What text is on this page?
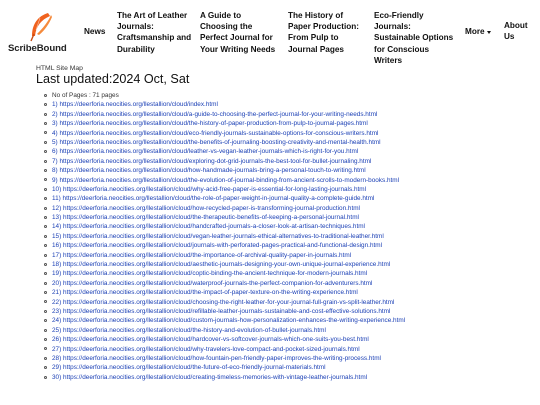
ScribeBound
News
The Art of Leather Journals: Craftsmanship and Durability
A Guide to Choosing the Perfect Journal for Your Writing Needs
The History of Paper Production: From Pulp to Journal Pages
Eco-Friendly Journals: Sustainable Options for Conscious Writers
More
About Us
HTML Site Map
Last updated:2024 Oct, Sat
No of Pages : 71 pages
1) https://deerforia.neocities.org/llestallion/cloud/index.html
2) https://deerforia.neocities.org/llestallion/cloud/a-guide-to-choosing-the-perfect-journal-for-your-writing-needs.html
3) https://deerforia.neocities.org/llestallion/cloud/the-history-of-paper-production-from-pulp-to-journal-pages.html
4) https://deerforia.neocities.org/llestallion/cloud/eco-friendly-journals-sustainable-options-for-conscious-writers.html
5) https://deerforia.neocities.org/llestallion/cloud/the-benefits-of-journaling-boosting-creativity-and-mental-health.html
6) https://deerforia.neocities.org/llestallion/cloud/leather-vs-vegan-leather-journals-which-is-right-for-you.html
7) https://deerforia.neocities.org/llestallion/cloud/exploring-dot-grid-journals-the-best-tool-for-bullet-journaling.html
8) https://deerforia.neocities.org/llestallion/cloud/how-handmade-journals-bring-a-personal-touch-to-writing.html
9) https://deerforia.neocities.org/llestallion/cloud/the-evolution-of-journal-binding-from-ancient-scrolls-to-modern-books.html
10) https://deerforia.neocities.org/llestallion/cloud/why-acid-free-paper-is-essential-for-long-lasting-journals.html
11) https://deerforia.neocities.org/llestallion/cloud/the-role-of-paper-weight-in-journal-quality-a-complete-guide.html
12) https://deerforia.neocities.org/llestallion/cloud/how-recycled-paper-is-transforming-journal-production.html
13) https://deerforia.neocities.org/llestallion/cloud/the-therapeutic-benefits-of-keeping-a-personal-journal.html
14) https://deerforia.neocities.org/llestallion/cloud/handcrafted-journals-a-closer-look-at-artisan-techniques.html
15) https://deerforia.neocities.org/llestallion/cloud/vegan-leather-journals-ethical-alternatives-to-traditional-leather.html
16) https://deerforia.neocities.org/llestallion/cloud/journals-with-perforated-pages-practical-and-functional-design.html
17) https://deerforia.neocities.org/llestallion/cloud/the-importance-of-archival-quality-paper-in-journals.html
18) https://deerforia.neocities.org/llestallion/cloud/aesthetic-journals-designing-your-own-unique-journal-experience.html
19) https://deerforia.neocities.org/llestallion/cloud/coptic-binding-the-ancient-technique-for-modern-journals.html
20) https://deerforia.neocities.org/llestallion/cloud/waterproof-journals-the-perfect-companion-for-adventurers.html
21) https://deerforia.neocities.org/llestallion/cloud/the-impact-of-paper-texture-on-the-writing-experience.html
22) https://deerforia.neocities.org/llestallion/cloud/choosing-the-right-leather-for-your-journal-full-grain-vs-split-leather.html
23) https://deerforia.neocities.org/llestallion/cloud/refillable-leather-journals-sustainable-and-cost-effective-solutions.html
24) https://deerforia.neocities.org/llestallion/cloud/custom-journals-how-personalization-enhances-the-writing-experience.html
25) https://deerforia.neocities.org/llestallion/cloud/the-history-and-evolution-of-bullet-journals.html
26) https://deerforia.neocities.org/llestallion/cloud/hardcover-vs-softcover-journals-which-one-suits-you-best.html
27) https://deerforia.neocities.org/llestallion/cloud/why-travelers-love-compact-and-pocket-sized-journals.html
28) https://deerforia.neocities.org/llestallion/cloud/how-fountain-pen-friendly-paper-improves-the-writing-process.html
29) https://deerforia.neocities.org/llestallion/cloud/the-future-of-eco-friendly-journal-materials.html
30) https://deerforia.neocities.org/llestallion/cloud/creating-timeless-memories-with-vintage-leather-journals.html
